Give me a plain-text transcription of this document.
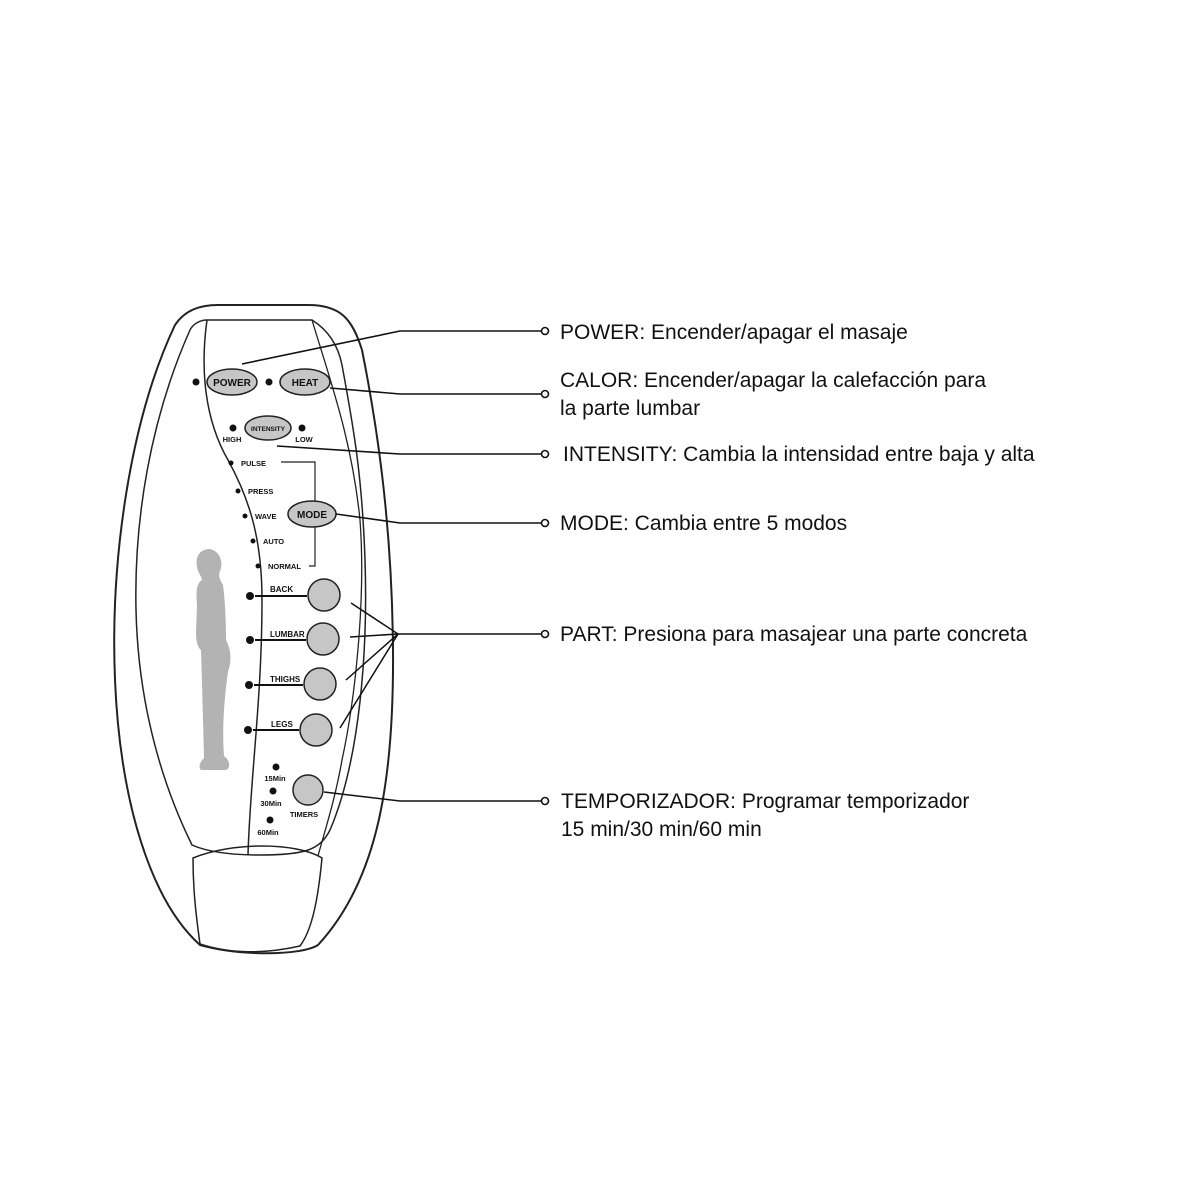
POWER	HEAT
HIGH
INTENSITY
LOW
PULSE
PRESS
WAVE
AUTO
NORMAL
MODE
BACK
LUMBAR
THIGHS
LEGS
15Min
30Min
60Min
TIMERS
POWER: Encender/apagar el masaje
CALOR: Encender/apagar la calefacción para
la parte lumbar
INTENSITY: Cambia la intensidad entre baja y alta
MODE: Cambia entre 5 modos
PART: Presiona para masajear una parte concreta
TEMPORIZADOR: Programar temporizador
15 min/30 min/60 min
